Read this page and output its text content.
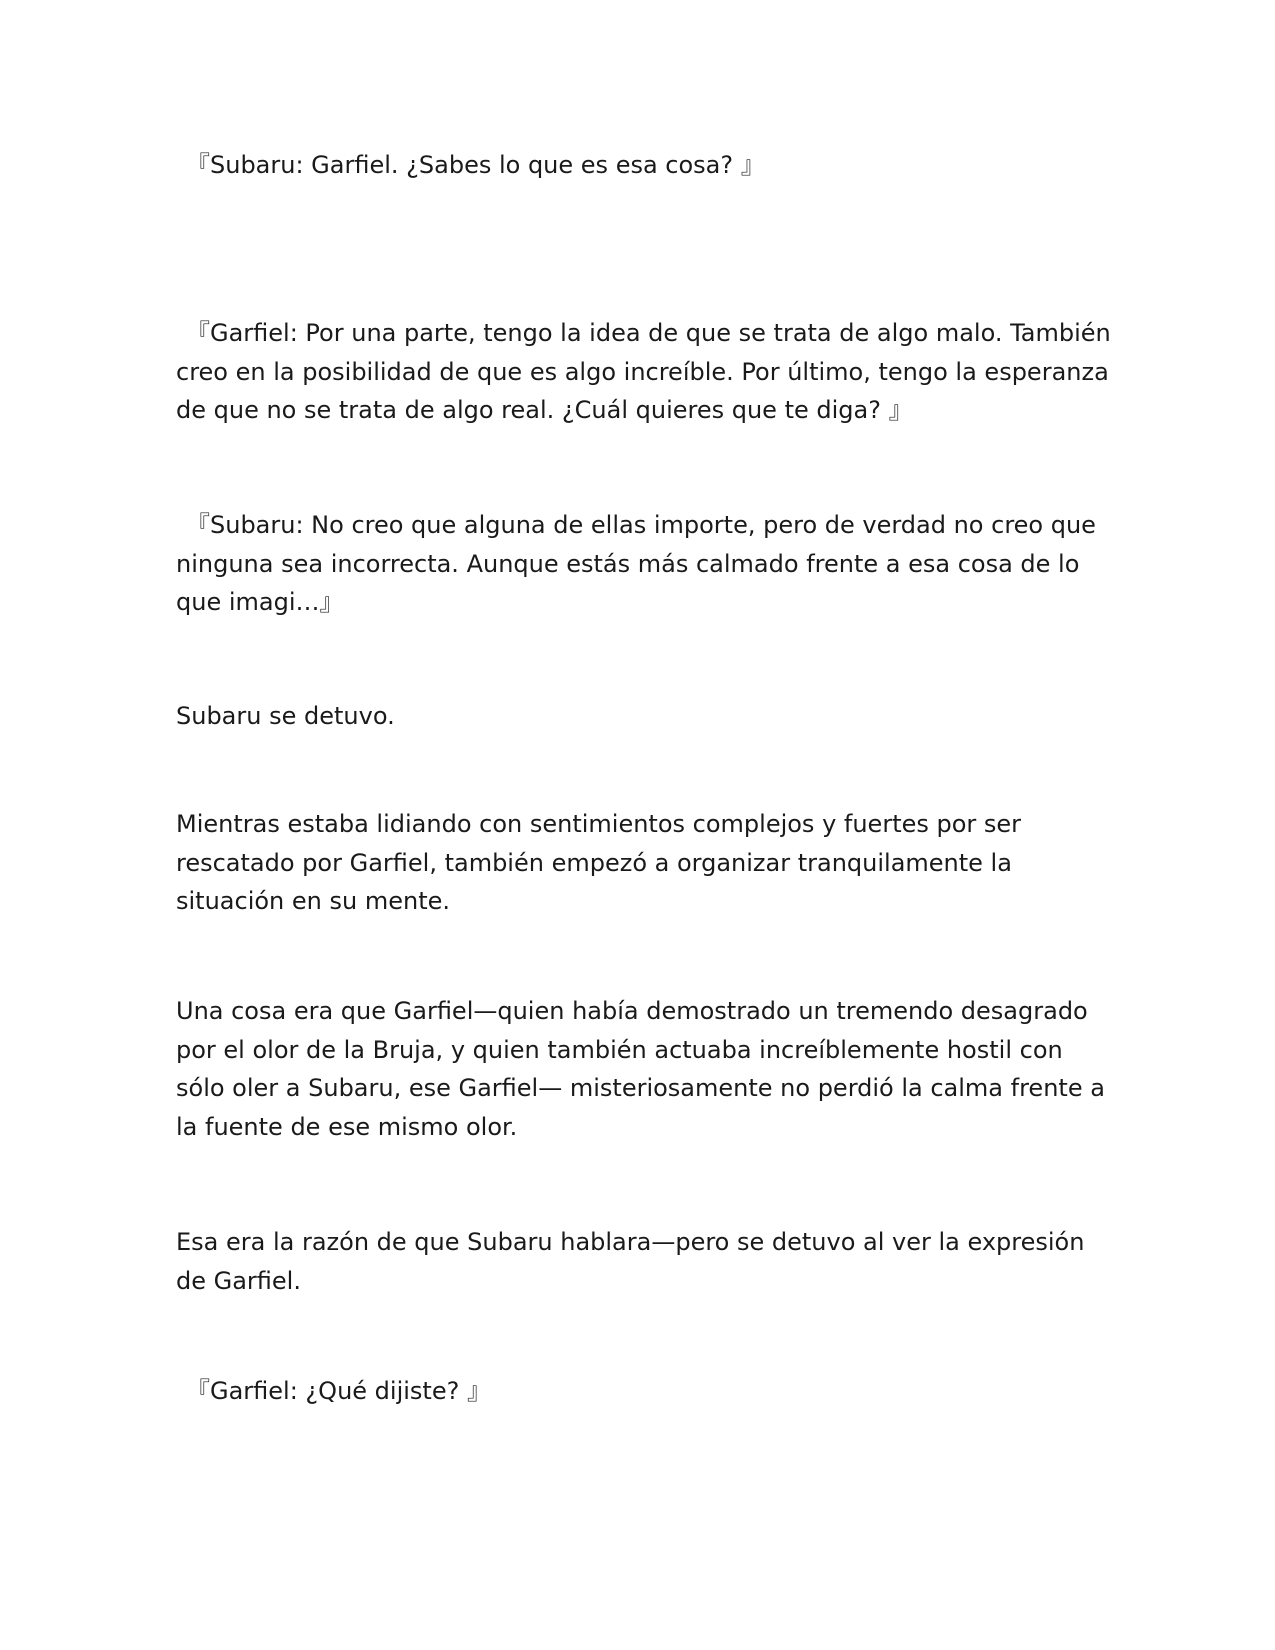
『Subaru: Garfiel. ¿Sabes lo que es esa cosa? 』

『Garfiel: Por una parte, tengo la idea de que se trata de algo malo. También
creo en la posibilidad de que es algo increíble. Por último, tengo la esperanza
de que no se trata de algo real. ¿Cuál quieres que te diga? 』

『Subaru: No creo que alguna de ellas importe, pero de verdad no creo que
ninguna sea incorrecta. Aunque estás más calmado frente a esa cosa de lo
que imagi…』

Subaru se detuvo.

Mientras estaba lidiando con sentimientos complejos y fuertes por ser
rescatado por Garfiel, también empezó a organizar tranquilamente la
situación en su mente.

Una cosa era que Garfiel—quien había demostrado un tremendo desagrado
por el olor de la Bruja, y quien también actuaba increíblemente hostil con
sólo oler a Subaru, ese Garfiel— misteriosamente no perdió la calma frente a
la fuente de ese mismo olor.

Esa era la razón de que Subaru hablara—pero se detuvo al ver la expresión
de Garfiel.

『Garfiel: ¿Qué dijiste? 』
